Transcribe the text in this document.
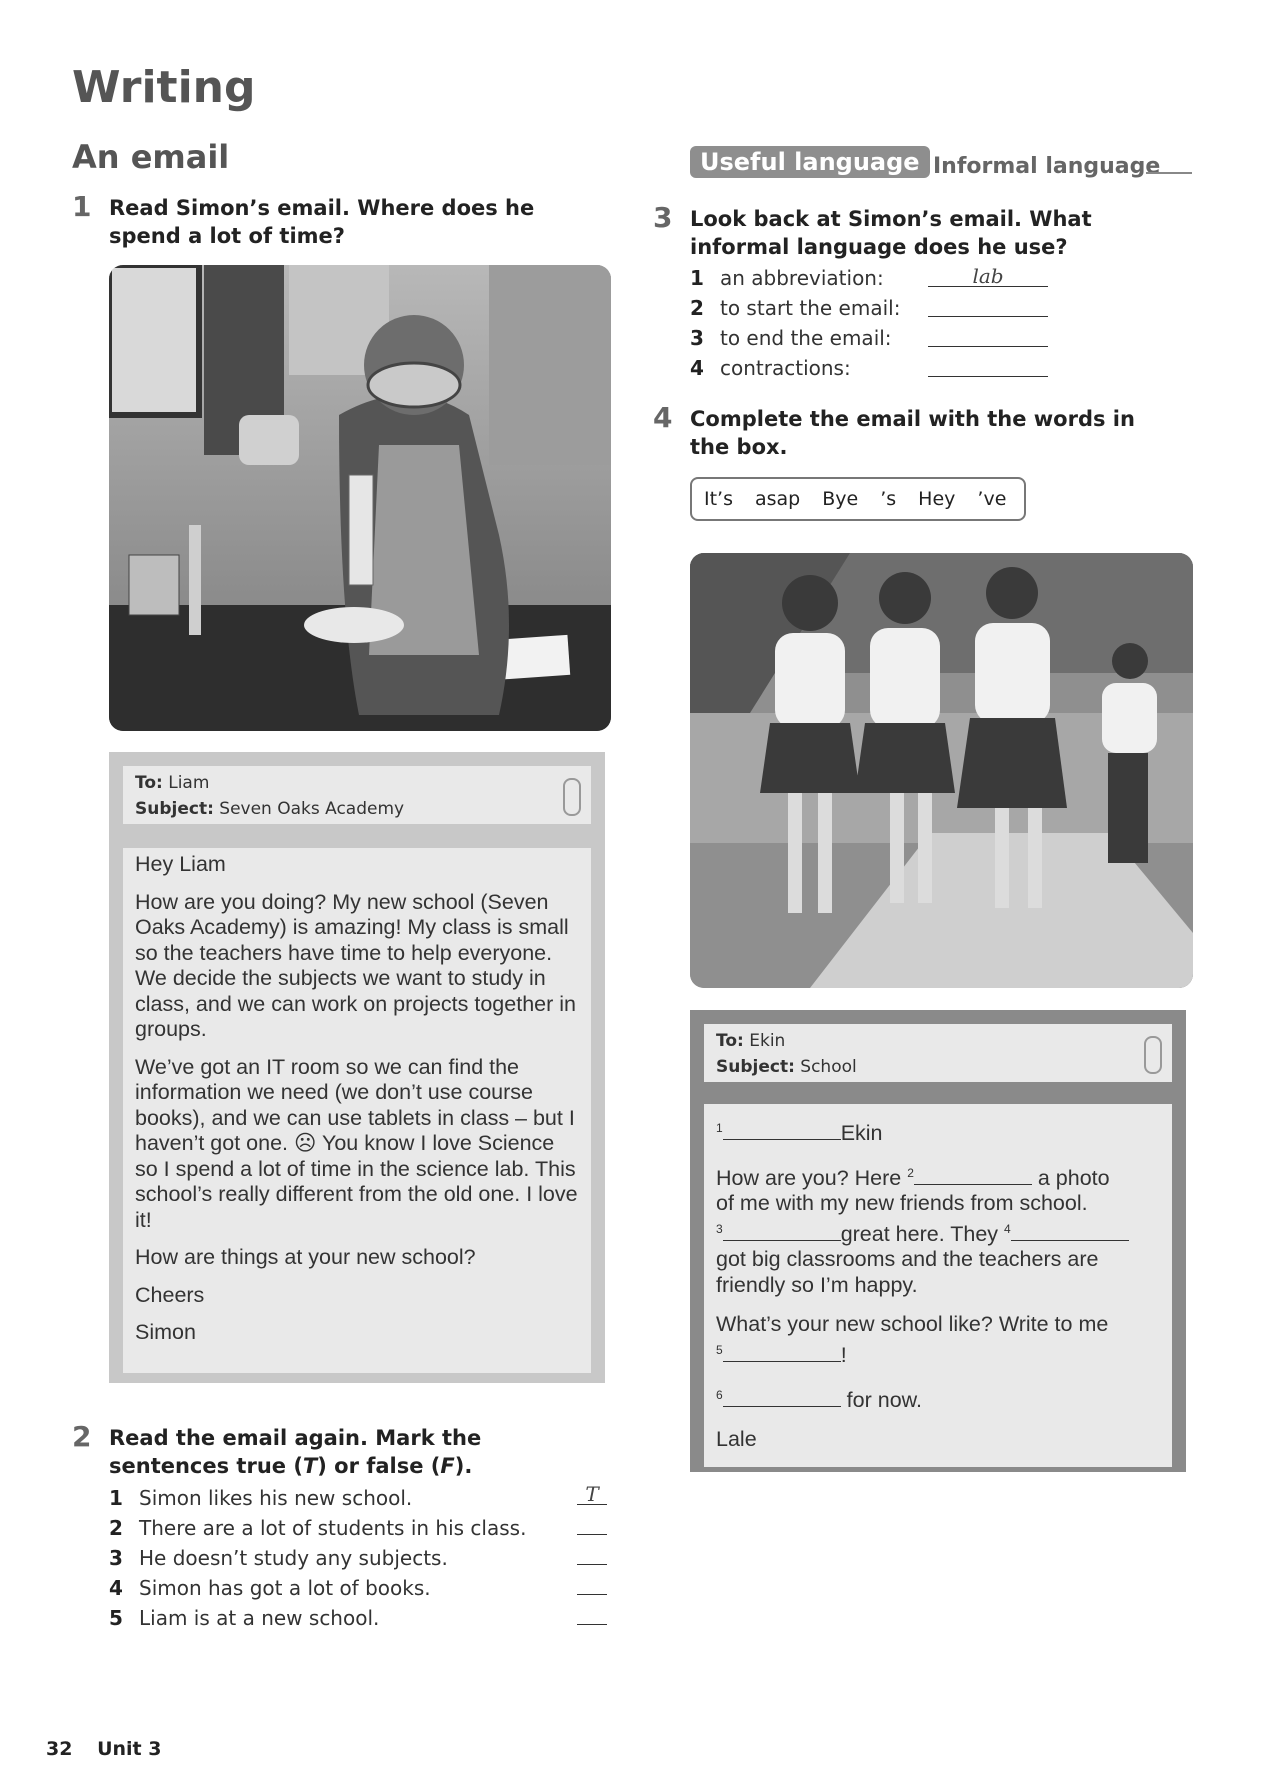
Writing
An email
1 Read Simon’s email. Where does he spend a lot of time?
To: Liam
Subject: Seven Oaks Academy

Hey Liam

How are you doing? My new school (Seven Oaks Academy) is amazing! My class is small so the teachers have time to help everyone. We decide the subjects we want to study in class, and we can work on projects together in groups.

We’ve got an IT room so we can find the information we need (we don’t use course books), and we can use tablets in class – but I haven’t got one. ☹ You know I love Science so I spend a lot of time in the science lab. This school’s really different from the old one. I love it!

How are things at your new school?

Cheers

Simon

2 Read the email again. Mark the sentences true (T) or false (F).
1 Simon likes his new school.	T
2 There are a lot of students in his class.
3 He doesn’t study any subjects.
4 Simon has got a lot of books.
5 Liam is at a new school.
Useful language Informal language
3 Look back at Simon’s email. What informal language does he use?
1 an abbreviation:	lab
2 to start the email:
3 to end the email:
4 contractions:
4 Complete the email with the words in the box.
It’s asap Bye ’s Hey ’ve
To: Ekin
Subject: School

$^1$	Ekin

How are you? Here $^2$	a photo
of me with my new friends from school.
$^3$	great here. They $^4$
got big classrooms and the teachers are
friendly so I’m happy.

What’s your new school like? Write to me
$^5$	!

$^6$	for now.

Lale

32 Unit 3
